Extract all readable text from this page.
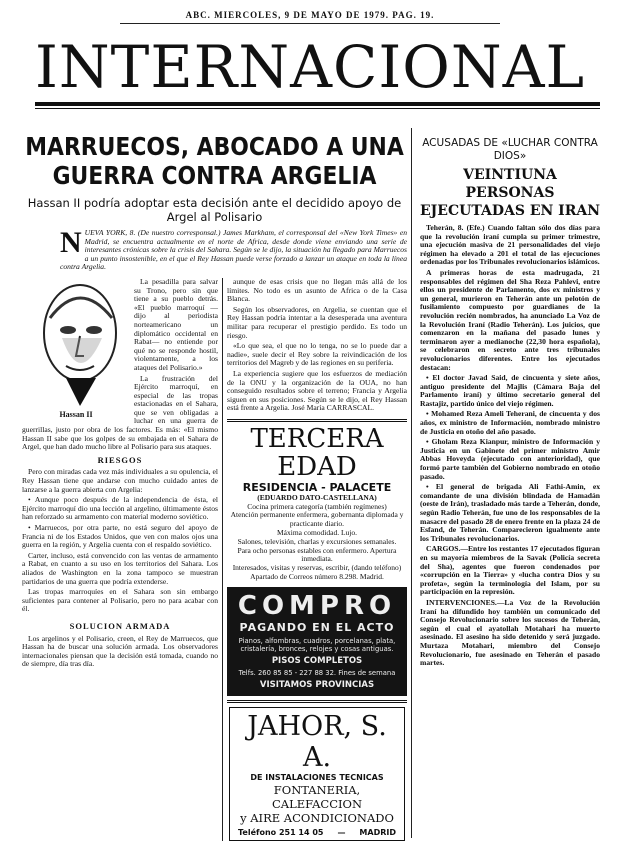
ABC. MIERCOLES, 9 DE MAYO DE 1979. PAG. 19.
INTERNACIONAL
MARRUECOS, ABOCADO A UNA GUERRA CONTRA ARGELIA
Hassan II podría adoptar esta decisión ante el decidido apoyo de Argel al Polisario
N UEVA YORK, 8. (De nuestro corresponsal.) James Markham, el corresponsal del «New York Times» en Madrid, se encuentra actualmente en el norte de Africa, desde donde viene enviando una serie de interesantes crónicas sobre la crisis del Sahara. Según se le dijo, la situación ha llegado para Marruecos a un punto insostenible, en el que el Rey Hassan puede verse forzado a lanzar un ataque en toda la línea contra Argelia.
Hassan II

La pesadilla para salvar su Trono, pero sin que tiene a su pueblo detrás. «El pueblo marroquí —dijo al periodista norteamericano un diplomático occidental en Rabat— no entiende por qué no se responde hostil, violentamente, a los ataques del Polisario.»

La frustración del Ejército marroquí, en especial de las tropas estacionadas en el Sahara, que se ven obligadas a luchar en una guerra de guerrillas, justo por obra de los factores. Es más: «El mismo Hassan II sabe que los golpes de su embajada en el Sahara de Argel, que han dado mucho libre al Polisario para sus ataques.

RIESGOS

Pero con miradas cada vez más individuales a su opulencia, el Rey Hassan tiene que andarse con mucho cuidado antes de lanzarse a la guerra abierta con Argelia:

• Aunque poco después de la independencia de ésta, el Ejército marroquí dio una lección al argelino, últimamente éstos han reforzado su armamento con material moderno soviético.

• Marruecos, por otra parte, no está seguro del apoyo de Francia ni de los Estados Unidos, que ven con malos ojos una guerra en la región, y Argelia cuenta con el respaldo soviético.

Carter, incluso, está convencido con las ventas de armamento a Rabat, en cuanto a su uso en los territorios del Sahara. Los aliados de Washington en la zona tampoco se muestran partidarios de una guerra que podría extenderse.

Las tropas marroquíes en el Sahara son sin embargo suficientes para contener al Polisario, pero no para acabar con él.

SOLUCION ARMADA

Los argelinos y el Polisario, creen, el Rey de Marruecos, que Hassan ha de buscar una solución armada. Los observadores internacionales piensan que la decisión está tomada, cuando no de siempre, día tras día.

aunque de esas crisis que no llegan más allá de los límites. No todo es un asunto de Africa o de la Casa Blanca.

Según los observadores, en Argelia, se cuentan que el Rey Hassan podría intentar a la desesperada una aventura militar para recuperar el prestigio perdido. Es todo un riesgo.

«Lo que sea, el que no lo tenga, no se lo puede dar a nadie», suele decir el Rey sobre la reivindicación de los territorios del Magreb y de las regiones en su periferia.

La experiencia sugiere que los esfuerzos de mediación de la ONU y la organización de la OUA, no han conseguido resultados sobre el terreno; Francia y Argelia siguen en sus posiciones. Según se le dijo, el Rey Hassan está frente a Argelia. José María CARRASCAL.

TERCERA EDAD
RESIDENCIA - PALACETE
(EDUARDO DATO-CASTELLANA)
Cocina primera categoría (también regímenes)
Atención permanente enfermera, gobernanta diplomada y practicante diario.
Máxima comodidad. Lujo.
Salones, televisión, charlas y excursiones semanales.
Para ocho personas estables con enfermero. Apertura inmediata.
Interesados, visitas y reservas, escribir, (dando teléfono) Apartado de Correos número 8.298. Madrid.
COMPRO
PAGANDO EN EL ACTO
Pianos, alfombras, cuadros, porcelanas, plata, cristalería, bronces, relojes y cosas antiguas.
PISOS COMPLETOS
Telfs. 260 85 85 - 227 88 32. Fines de semana
VISITAMOS PROVINCIAS
JAHOR, S. A.
DE INSTALACIONES TECNICAS
FONTANERIA, CALEFACCION
y AIRE ACONDICIONADO
Teléfono 251 14 05 — MADRID
ACUSADAS DE «LUCHAR CONTRA DIOS»
VEINTIUNA PERSONAS EJECUTADAS EN IRAN

Teherán, 8. (Efe.) Cuando faltan sólo dos días para que la revolución iraní cumpla su primer trimestre, una ejecución masiva de 21 personalidades del viejo régimen ha elevado a 201 el total de las ejecuciones ordenadas por los Tribunales revolucionarios islámicos.

A primeras horas de esta madrugada, 21 responsables del régimen del Sha Reza Pahlevi, entre ellos un presidente de Parlamento, dos ex ministros y un general, murieron en Teherán ante un pelotón de fusilamiento compuesto por guardianes de la revolución recién nombrados, ha anunciado La Voz de la Revolución Iraní (Radio Teherán). Los juicios, que comenzaron en la mañana del pasado lunes y terminaron ayer a medianoche (22,30 hora española), se celebraron en secreto ante tres tribunales revolucionarios diferentes. Entre los ejecutados destacan:

• El doctor Javad Said, de cincuenta y siete años, antiguo presidente del Majlis (Cámara Baja del Parlamento iraní) y último secretario general del Rastajiz, partido único del viejo régimen.

• Mohamed Reza Ameli Teherani, de cincuenta y dos años, ex ministro de Información, nombrado ministro de Justicia en otoño del año pasado.

• Gholam Reza Kianpur, ministro de Información y Justicia en un Gabinete del primer ministro Amir Abbas Hoveyda (ejecutado con anterioridad), que formó parte también del Gobierno nombrado en otoño pasado.

• El general de brigada Ali Fathi-Amin, ex comandante de una división blindada de Hamadán (oeste de Irán), trasladado más tarde a Teherán, donde, según Radio Teherán, fue uno de los responsables de la masacre del pasado 28 de enero frente en la plaza 24 de Esfand, de Teherán. Comparecieron igualmente ante los Tribunales revolucionarios.

CARGOS.—Entre los restantes 17 ejecutados figuran en su mayoría miembros de la Savak (Policía secreta del Sha), agentes que fueron condenados por «corrupción en la Tierra» y «lucha contra Dios y su profeta», según la terminología del Islam, por su participación en la represión.

INTERVENCIONES.—La Voz de la Revolución Iraní ha difundido hoy también un comunicado del Consejo Revolucionario sobre los sucesos de Teherán, según el cual el ayatollah Motahari ha muerto asesinado. El asesino ha sido detenido y será juzgado. Murtaza Motahari, miembro del Consejo Revolucionario, fue asesinado en Teherán el pasado martes.
